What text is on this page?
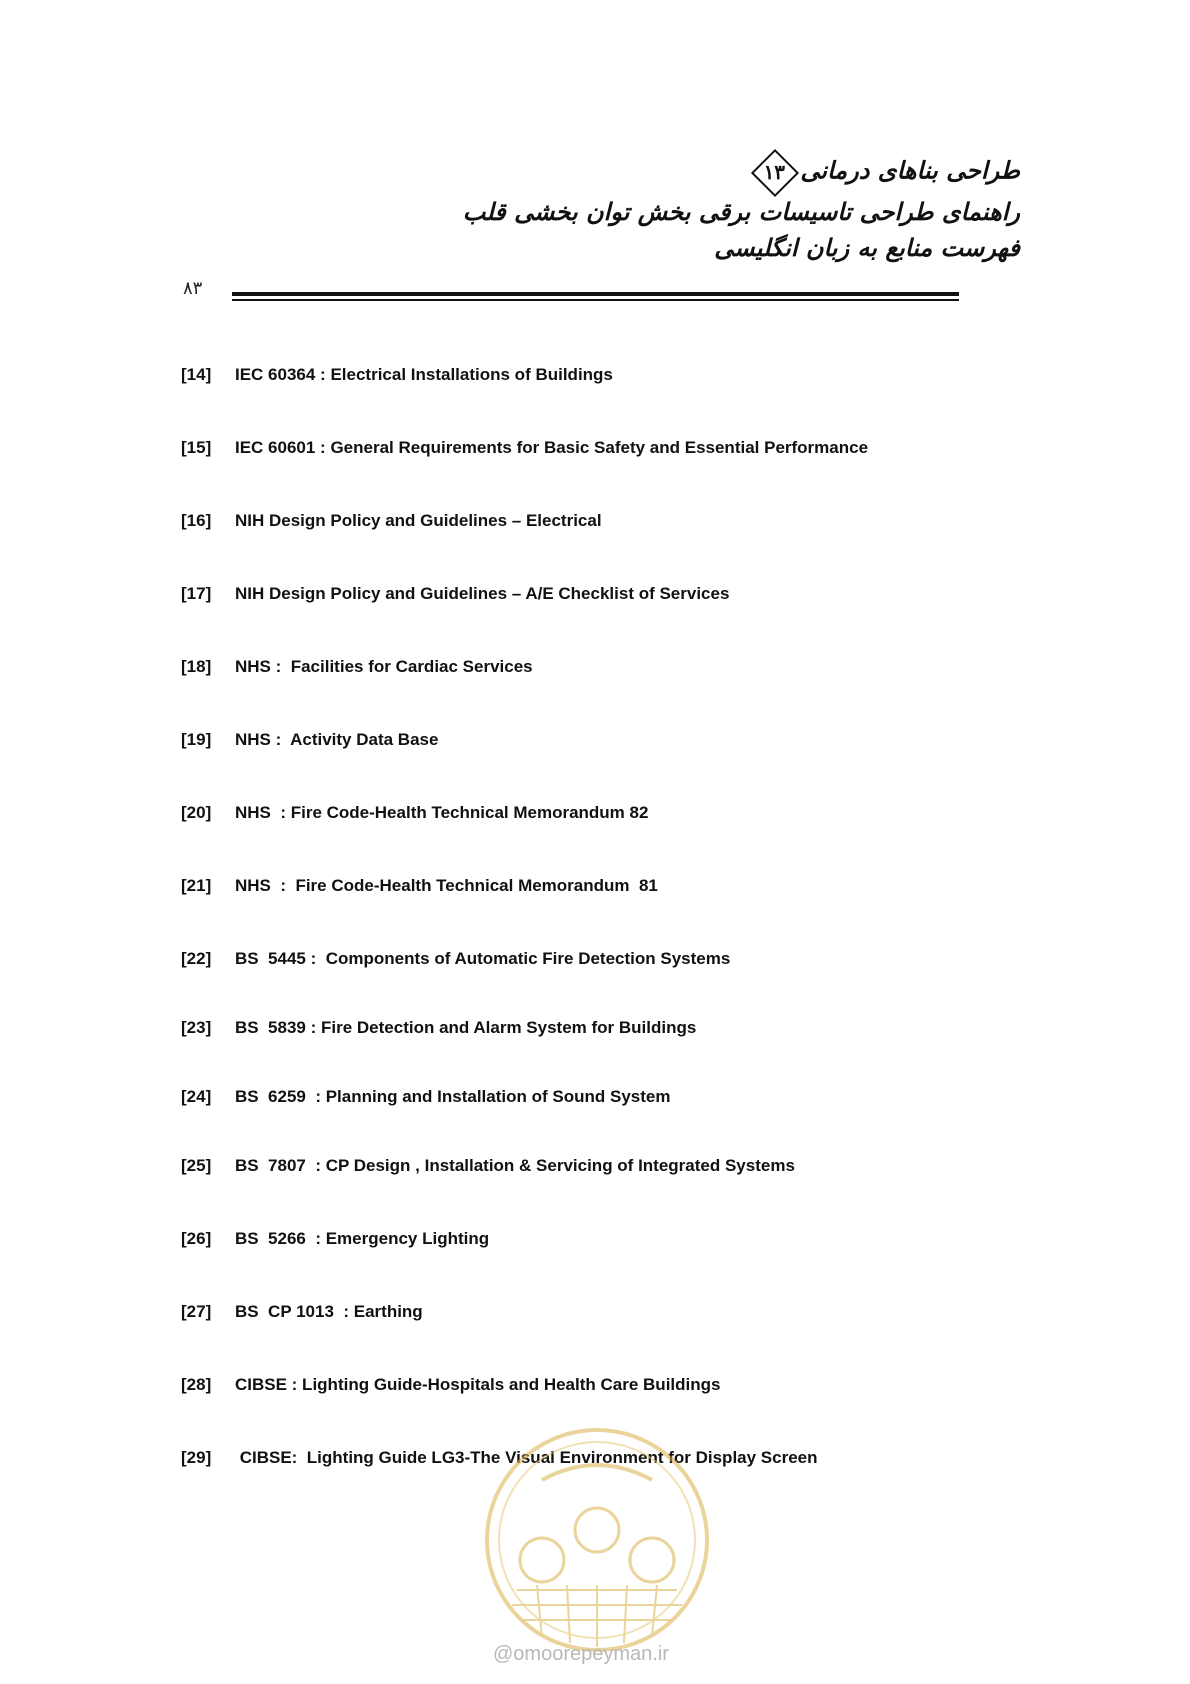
طراحی بناهای درمانی
۱۳
راهنمای طراحی تاسیسات برقی بخش توان بخشی قلب
فهرست منابع به زبان انگلیسی
۸۳
[14] IEC 60364 : Electrical Installations of Buildings
[15] IEC 60601 : General Requirements for Basic Safety and Essential Performance
[16] NIH Design Policy and Guidelines – Electrical
[17] NIH Design Policy and Guidelines – A/E Checklist of Services
[18] NHS :  Facilities for Cardiac Services
[19] NHS :  Activity Data Base
[20] NHS  : Fire Code-Health Technical Memorandum 82
[21] NHS  :  Fire Code-Health Technical Memorandum  81
[22] BS  5445 :  Components of Automatic Fire Detection Systems
[23] BS  5839 : Fire Detection and Alarm System for Buildings
[24] BS  6259  : Planning and Installation of Sound System
[25] BS  7807  : CP Design , Installation & Servicing of Integrated Systems
[26] BS  5266  : Emergency Lighting
[27] BS  CP 1013  : Earthing
[28] CIBSE : Lighting Guide-Hospitals and Health Care Buildings
[29] CIBSE:  Lighting Guide LG3-The Visual Environment for Display Screen
@omoorepeyman.ir
